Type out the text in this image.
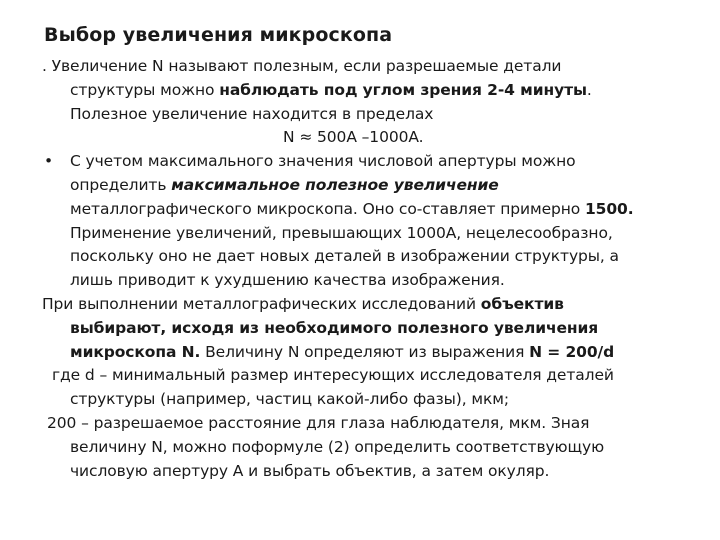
Выбор увеличения микроскопа
. Увеличение N называют полезным, если разрешаемые детали
структуры можно наблюдать под углом зрения 2-4 минуты.
Полезное увеличение находится в пределах
N ≈ 500A –1000A.
• С учетом максимального значения числовой апертуры можно
определить максимальное полезное увеличение
металлографического микроскопа. Оно со-ставляет примерно 1500.
Применение увеличений, превышающих 1000А, нецелесообразно,
поскольку оно не дает новых деталей в изображении структуры, а
лишь приводит к ухудшению качества изображения.
При выполнении металлографических исследований объектив
выбирают, исходя из необходимого полезного увеличения
микроскопа N. Величину N определяют из выражения N = 200/d
где d – минимальный размер интересующих исследователя деталей
структуры (например, частиц какой-либо фазы), мкм;
200 – разрешаемое расстояние для глаза наблюдателя, мкм. Зная
величину N, можно поформуле (2) определить соответствующую
числовую апертуру А и выбрать объектив, а затем окуляр.
